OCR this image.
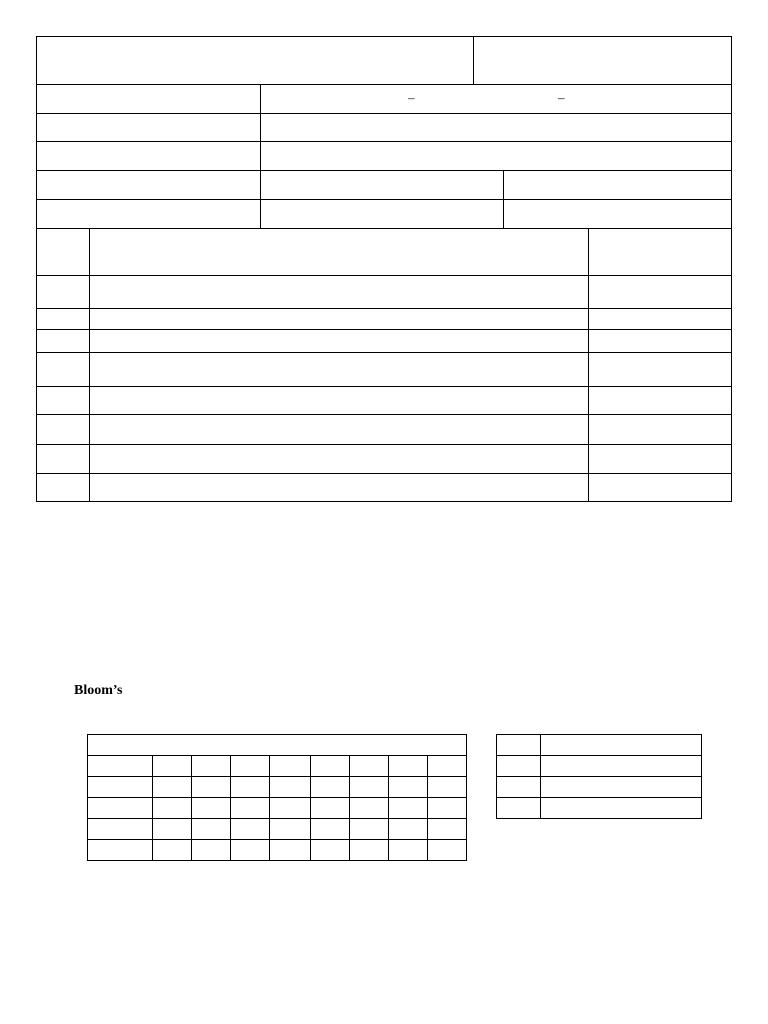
–	–
Bloom’s
